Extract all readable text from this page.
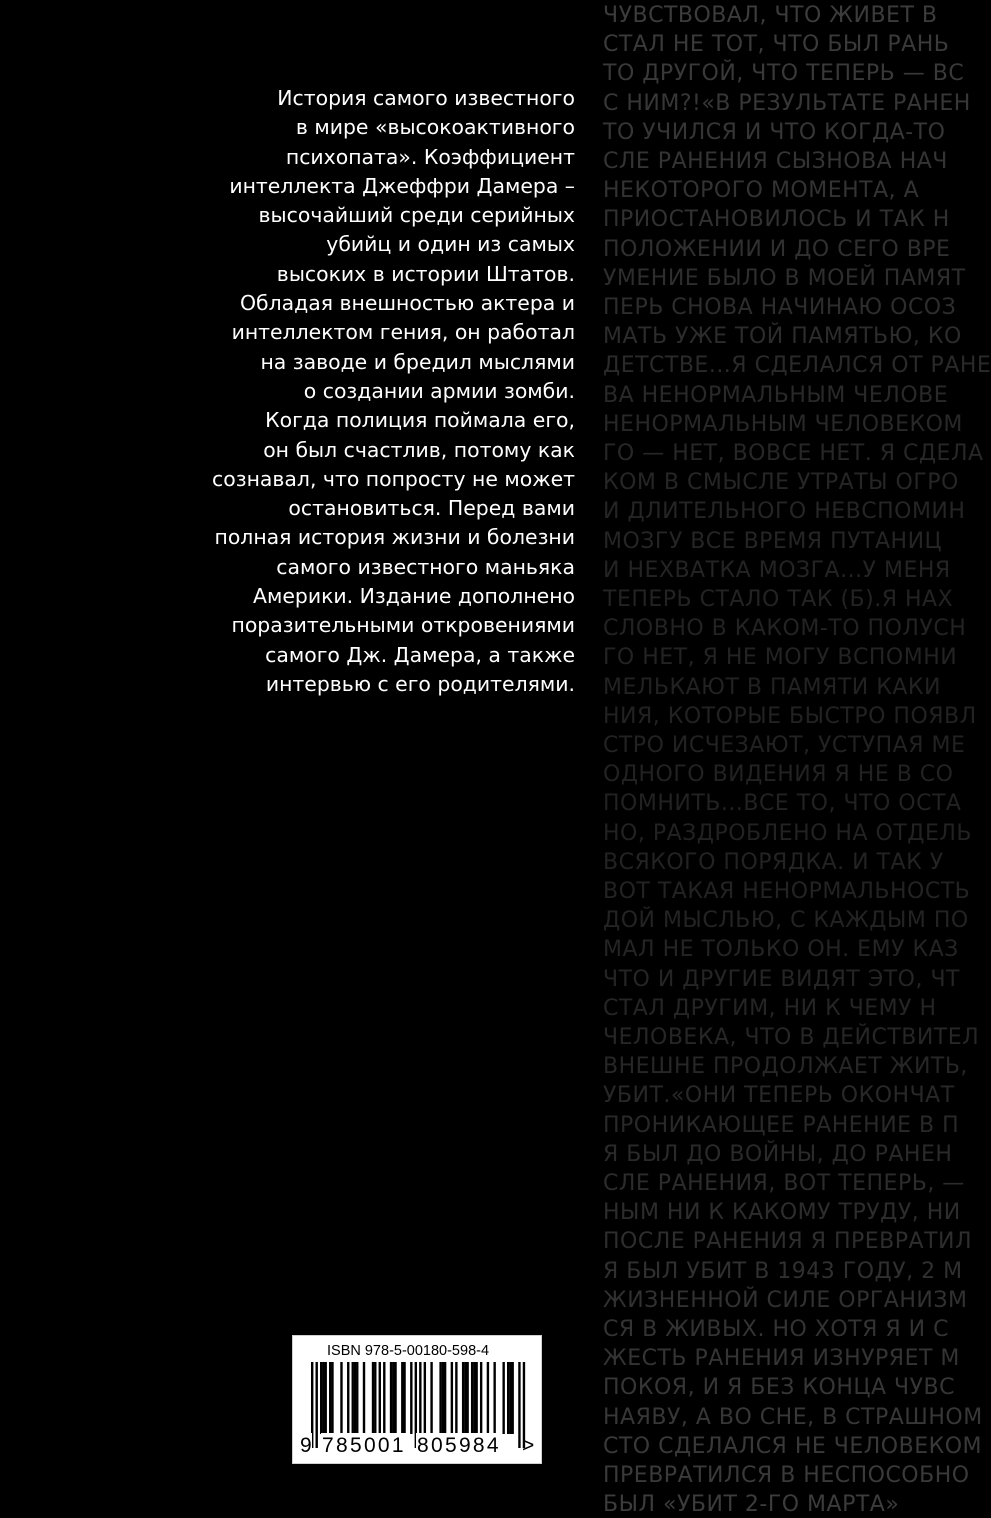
ЧУВСТВОВАЛ, ЧТО ЖИВЕТ В
СТАЛ НЕ ТОТ, ЧТО БЫЛ РАНЬ
ТО ДРУГОЙ, ЧТО ТЕПЕРЬ — ВС
С НИМ?!«В РЕЗУЛЬТАТЕ РАНЕН
ТО УЧИЛСЯ И ЧТО КОГДА-ТО
СЛЕ РАНЕНИЯ СЫЗНОВА НАЧ
НЕКОТОРОГО МОМЕНТА, А
ПРИОСТАНОВИЛОСЬ И ТАК Н
ПОЛОЖЕНИИ И ДО СЕГО ВРЕ
УМЕНИЕ БЫЛО В МОЕЙ ПАМЯТ
ПЕРЬ СНОВА НАЧИНАЮ ОСОЗ
МАТЬ УЖЕ ТОЙ ПАМЯТЬЮ, КО
ДЕТСТВЕ...Я СДЕЛАЛСЯ ОТ РАНЕ
ВА НЕНОРМАЛЬНЫМ ЧЕЛОВЕ
НЕНОРМАЛЬНЫМ ЧЕЛОВЕКОМ
ГО — НЕТ, ВОВСЕ НЕТ. Я СДЕЛА
КОМ В СМЫСЛЕ УТРАТЫ ОГРО
И ДЛИТЕЛЬНОГО НЕВСПОМИН
МОЗГУ ВСЕ ВРЕМЯ ПУТАНИЦ
И НЕХВАТКА МОЗГА...У МЕНЯ
ТЕПЕРЬ СТАЛО ТАК (Б).Я НАХ
СЛОВНО В КАКОМ-ТО ПОЛУСН
ГО НЕТ, Я НЕ МОГУ ВСПОМНИ
МЕЛЬКАЮТ В ПАМЯТИ КАКИ
НИЯ, КОТОРЫЕ БЫСТРО ПОЯВЛ
СТРО ИСЧЕЗАЮТ, УСТУПАЯ МЕ
ОДНОГО ВИДЕНИЯ Я НЕ В СО
ПОМНИТЬ...ВСЕ ТО, ЧТО ОСТА
НО, РАЗДРОБЛЕНО НА ОТДЕЛЬ
ВСЯКОГО ПОРЯДКА. И ТАК У
ВОТ ТАКАЯ НЕНОРМАЛЬНОСТЬ
ДОЙ МЫСЛЬЮ, С КАЖДЫМ ПО
МАЛ НЕ ТОЛЬКО ОН. ЕМУ КАЗ
ЧТО И ДРУГИЕ ВИДЯТ ЭТО, ЧТ
СТАЛ ДРУГИМ, НИ К ЧЕМУ Н
ЧЕЛОВЕКА, ЧТО В ДЕЙСТВИТЕЛ
ВНЕШНЕ ПРОДОЛЖАЕТ ЖИТЬ,
УБИТ.«ОНИ ТЕПЕРЬ ОКОНЧАТ
ПРОНИКАЮЩЕЕ РАНЕНИЕ В П
Я БЫЛ ДО ВОЙНЫ, ДО РАНЕН
СЛЕ РАНЕНИЯ, ВОТ ТЕПЕРЬ, —
НЫМ НИ К КАКОМУ ТРУДУ, НИ
ПОСЛЕ РАНЕНИЯ Я ПРЕВРАТИЛ
Я БЫЛ УБИТ В 1943 ГОДУ, 2 М
ЖИЗНЕННОЙ СИЛЕ ОРГАНИЗМ
СЯ В ЖИВЫХ. НО ХОТЯ Я И С
ЖЕСТЬ РАНЕНИЯ ИЗНУРЯЕТ М
ПОКОЯ, И Я БЕЗ КОНЦА ЧУВС
НАЯВУ, А ВО СНЕ, В СТРАШНОМ
СТО СДЕЛАЛСЯ НЕ ЧЕЛОВЕКОМ
ПРЕВРАТИЛСЯ В НЕСПОСОБНО
БЫЛ «УБИТ 2-ГО МАРТА»

История самого известного
в мире «высокоактивного
психопата». Коэффициент
интеллекта Джеффри Дамера –
высочайший среди серийных
убийц и один из самых
высоких в истории Штатов.
Обладая внешностью актера и
интеллектом гения, он работал
на заводе и бредил мыслями
о создании армии зомби.
Когда полиция поймала его,
он был счастлив, потому как
сознавал, что попросту не может
остановиться. Перед вами
полная история жизни и болезни
самого известного маньяка
Америки. Издание дополнено
поразительными откровениями
самого Дж. Дамера, а также
интервью с его родителями.

ISBN 978-5-00180-598-4
9 785001 805984 >
